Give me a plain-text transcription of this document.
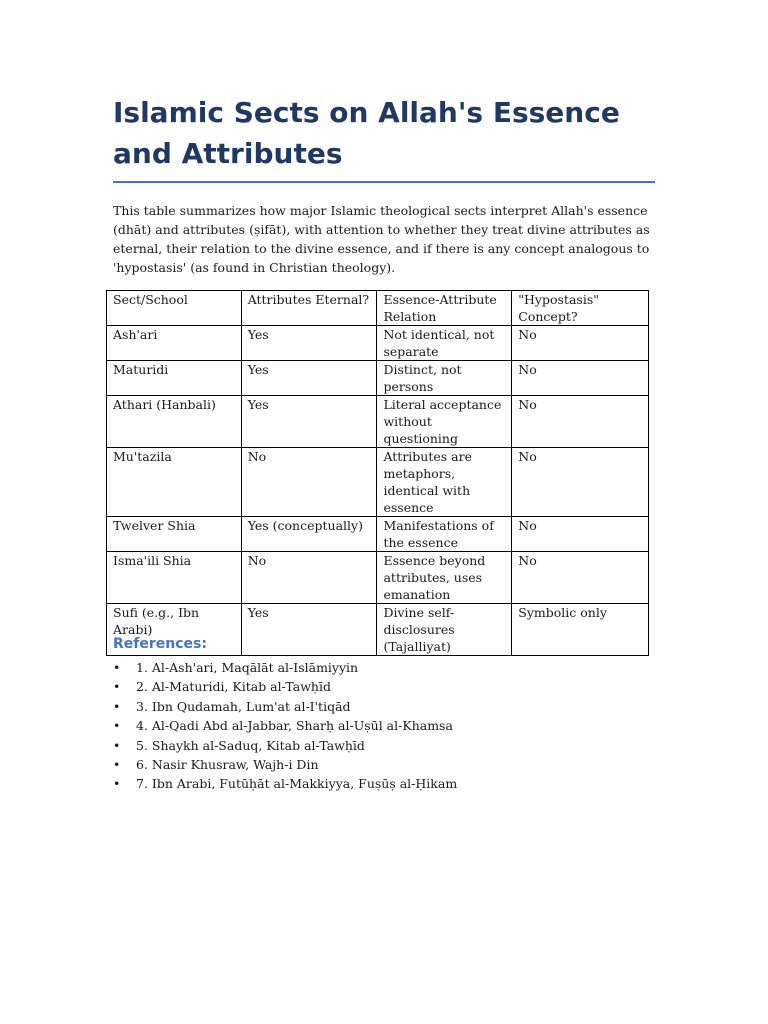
Islamic Sects on Allah's Essence and Attributes

This table summarizes how major Islamic theological sects interpret Allah's essence (dhāt) and attributes (ṣifāt), with attention to whether they treat divine attributes as eternal, their relation to the divine essence, and if there is any concept analogous to 'hypostasis' (as found in Christian theology).

Sect/School	Attributes Eternal?	Essence-Attribute Relation	"Hypostasis" Concept?
Ash'ari	Yes	Not identical, not separate	No
Maturidi	Yes	Distinct, not persons	No
Athari (Hanbali)	Yes	Literal acceptance without questioning	No
Mu'tazila	No	Attributes are metaphors, identical with essence	No
Twelver Shia	Yes (conceptually)	Manifestations of the essence	No
Isma'ili Shia	No	Essence beyond attributes, uses emanation	No
Sufi (e.g., Ibn Arabi)	Yes	Divine self-disclosures (Tajalliyat)	Symbolic only
References:
• 1. Al-Ash'ari, Maqālāt al-Islāmiyyin
• 2. Al-Maturidi, Kitab al-Tawḥīd
• 3. Ibn Qudamah, Lum'at al-I'tiqād
• 4. Al-Qadi Abd al-Jabbar, Sharḥ al-Uṣūl al-Khamsa
• 5. Shaykh al-Saduq, Kitab al-Tawḥīd
• 6. Nasir Khusraw, Wajh-i Din
• 7. Ibn Arabi, Futūḥāt al-Makkiyya, Fuṣūṣ al-Ḥikam
